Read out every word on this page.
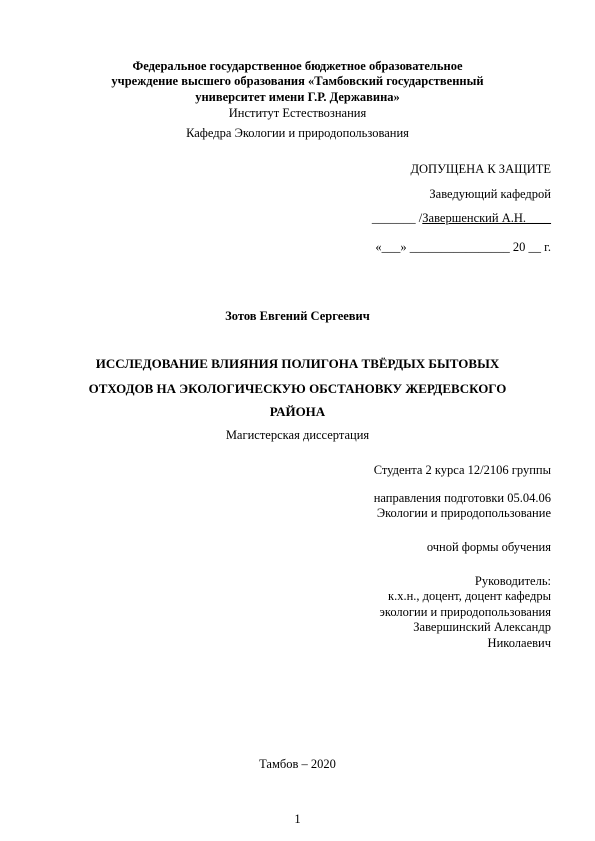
Федеральное государственное бюджетное образовательное
учреждение высшего образования «Тамбовский государственный
университет имени Г.Р. Державина»
Институт Естествознания
Кафедра Экологии и природопользования
ДОПУЩЕНА К ЗАЩИТЕ
Заведующий кафедрой
_______ /Завершенский А.Н.____
«___» ________________ 20 __ г.
Зотов Евгений Сергеевич
ИССЛЕДОВАНИЕ ВЛИЯНИЯ ПОЛИГОНА ТВЁРДЫХ БЫТОВЫХ
ОТХОДОВ НА ЭКОЛОГИЧЕСКУЮ ОБСТАНОВКУ ЖЕРДЕВСКОГО
РАЙОНА
Магистерская диссертация
Студента 2 курса 12/2106 группы
направления подготовки 05.04.06
Экологии и природопользование
очной формы обучения
Руководитель:
к.х.н., доцент, доцент кафедры
экологии и природопользования
Завершинский Александр
Николаевич
Тамбов – 2020
1
